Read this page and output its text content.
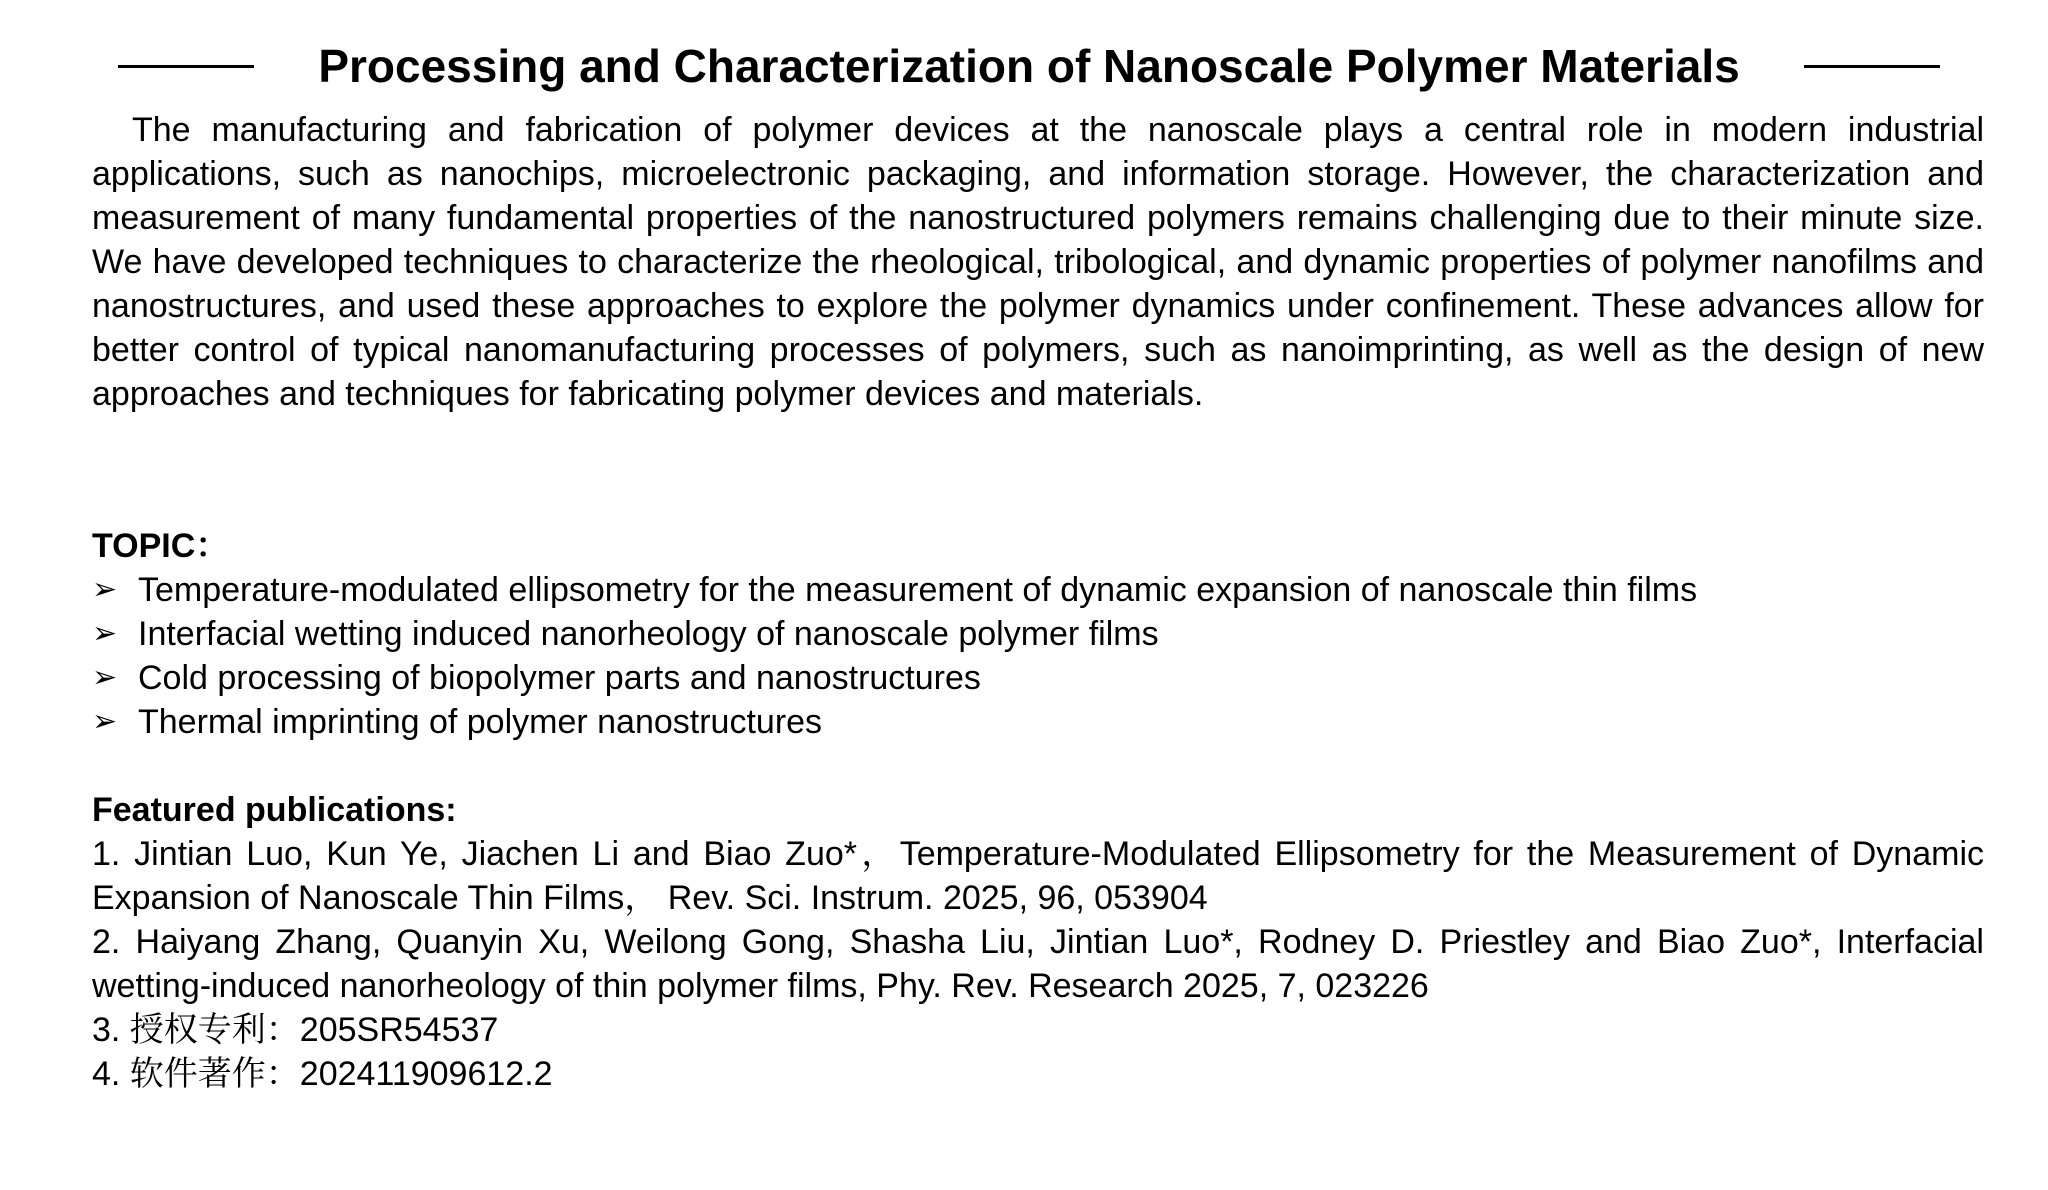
Processing and Characterization of Nanoscale Polymer Materials

The manufacturing and fabrication of polymer devices at the nanoscale plays a central role in modern industrial applications, such as nanochips, microelectronic packaging, and information storage. However, the characterization and measurement of many fundamental properties of the nanostructured polymers remains challenging due to their minute size. We have developed techniques to characterize the rheological, tribological, and dynamic properties of polymer nanofilms and nanostructures, and used these approaches to explore the polymer dynamics under confinement. These advances allow for better control of typical nanomanufacturing processes of polymers, such as nanoimprinting, as well as the design of new approaches and techniques for fabricating polymer devices and materials.

TOPIC：
➢ Temperature-modulated ellipsometry for the measurement of dynamic expansion of nanoscale thin films
➢ Interfacial wetting induced nanorheology of nanoscale polymer films
➢ Cold processing of biopolymer parts and nanostructures
➢ Thermal imprinting of polymer nanostructures
Featured publications:
1. Jintian Luo, Kun Ye, Jiachen Li and Biao Zuo*，Temperature-Modulated Ellipsometry for the Measurement of Dynamic Expansion of Nanoscale Thin Films， Rev. Sci. Instrum. 2025, 96, 053904
2. Haiyang Zhang, Quanyin Xu, Weilong Gong, Shasha Liu, Jintian Luo*, Rodney D. Priestley and Biao Zuo*, Interfacial wetting-induced nanorheology of thin polymer films, Phy. Rev. Research 2025, 7, 023226
3. 授权专利：205SR54537
4. 软件著作：202411909612.2
